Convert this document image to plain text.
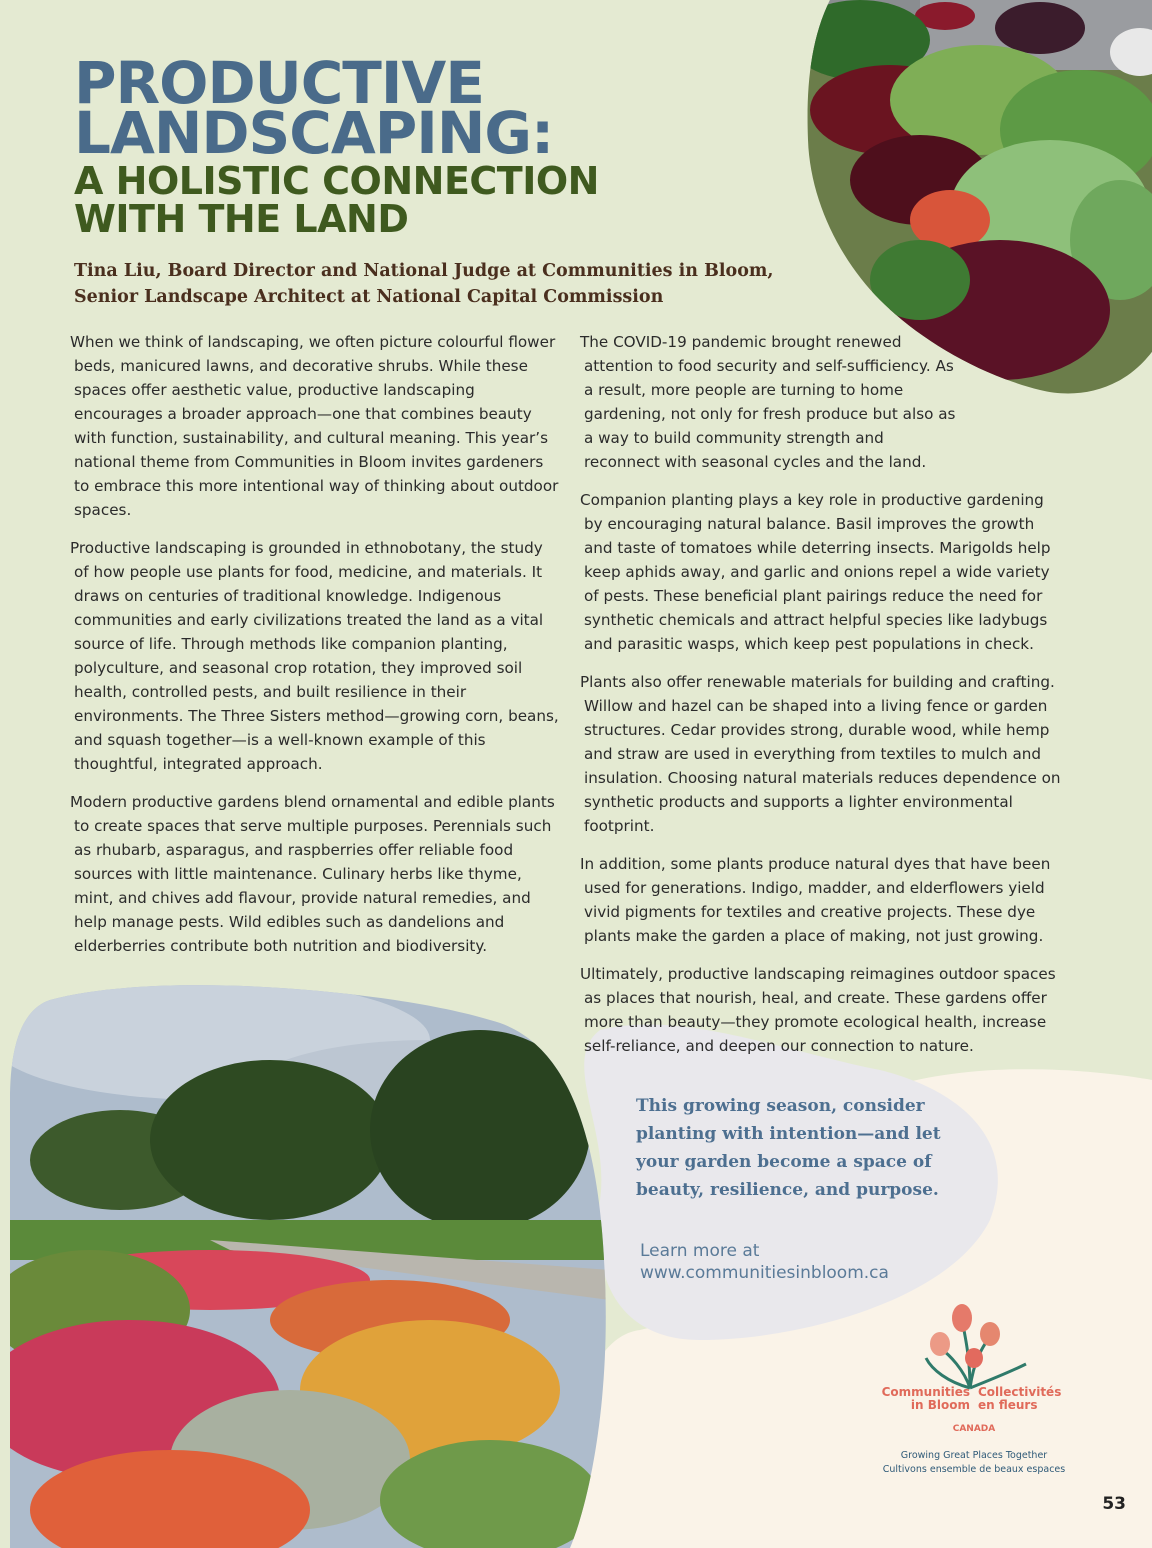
PRODUCTIVE
LANDSCAPING:
A HOLISTIC CONNECTION
WITH THE LAND

Tina Liu, Board Director and National Judge at Communities in Bloom,
Senior Landscape Architect at National Capital Commission

When we think of landscaping, we often picture colourful flower beds, manicured lawns, and decorative shrubs. While these spaces offer aesthetic value, productive landscaping encourages a broader approach—one that combines beauty with function, sustainability, and cultural meaning. This year’s national theme from Communities in Bloom invites gardeners to embrace this more intentional way of thinking about outdoor spaces.

Productive landscaping is grounded in ethnobotany, the study of how people use plants for food, medicine, and materials. It draws on centuries of traditional knowledge. Indigenous communities and early civilizations treated the land as a vital source of life. Through methods like companion planting, polyculture, and seasonal crop rotation, they improved soil health, controlled pests, and built resilience in their environments. The Three Sisters method—growing corn, beans, and squash together—is a well-known example of this thoughtful, integrated approach.

Modern productive gardens blend ornamental and edible plants to create spaces that serve multiple purposes. Perennials such as rhubarb, asparagus, and raspberries offer reliable food sources with little maintenance. Culinary herbs like thyme, mint, and chives add flavour, provide natural remedies, and help manage pests. Wild edibles such as dandelions and elderberries contribute both nutrition and biodiversity.

The COVID-19 pandemic brought renewed attention to food security and self-sufficiency. As a result, more people are turning to home gardening, not only for fresh produce but also as a way to build community strength and reconnect with seasonal cycles and the land.

Companion planting plays a key role in productive gardening by encouraging natural balance. Basil improves the growth and taste of tomatoes while deterring insects. Marigolds help keep aphids away, and garlic and onions repel a wide variety of pests. These beneficial plant pairings reduce the need for synthetic chemicals and attract helpful species like ladybugs and parasitic wasps, which keep pest populations in check.

Plants also offer renewable materials for building and crafting. Willow and hazel can be shaped into a living fence or garden structures. Cedar provides strong, durable wood, while hemp and straw are used in everything from textiles to mulch and insulation. Choosing natural materials reduces dependence on synthetic products and supports a lighter environmental footprint.

In addition, some plants produce natural dyes that have been used for generations. Indigo, madder, and elderflowers yield vivid pigments for textiles and creative projects. These dye plants make the garden a place of making, not just growing.

Ultimately, productive landscaping reimagines outdoor spaces as places that nourish, heal, and create. These gardens offer more than beauty—they promote ecological health, increase self-reliance, and deepen our connection to nature.

This growing season, consider planting with intention—and let your garden become a space of beauty, resilience, and purpose.

Learn more at
www.communitiesinbloom.ca

Communities
in Bloom
Collectivités
en fleurs
CANADA
Growing Great Places Together
Cultivons ensemble de beaux espaces

53
